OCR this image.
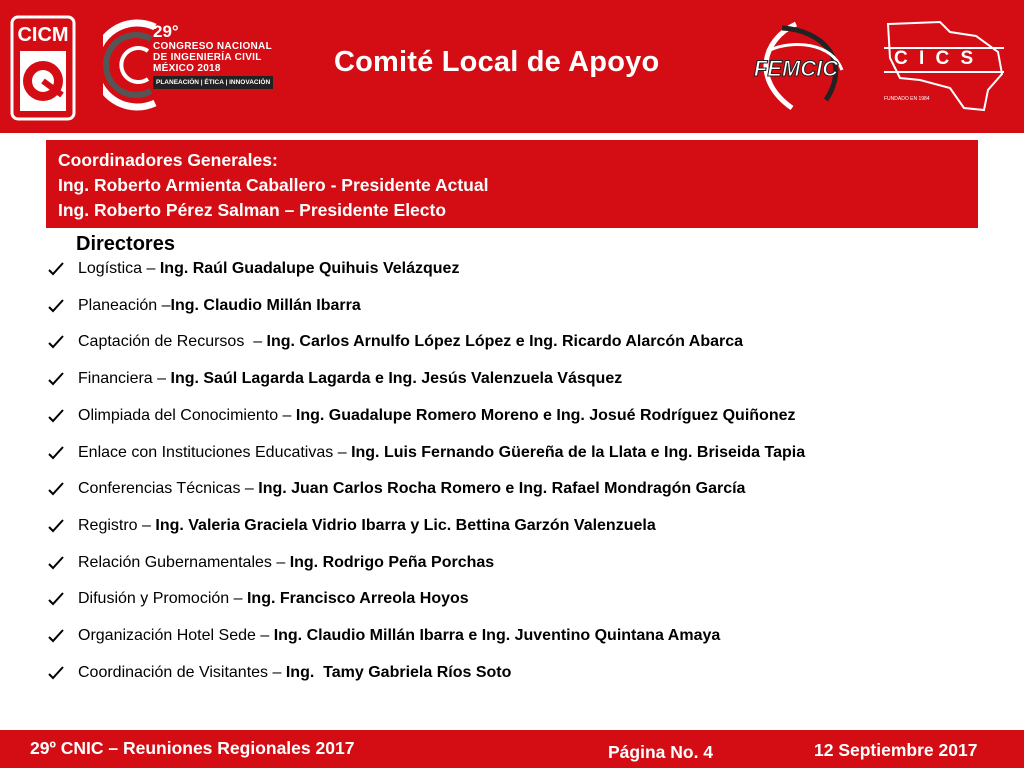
CICM	29°
CONGRESO NACIONAL
DE INGENIERÍA CIVIL
MÉXICO 2018
PLANEACIÓN | ÉTICA | INNOVACIÓN
Comité Local de Apoyo	FEMCIC	C I C S
FUNDADO EN 1984
Coordinadores Generales:
Ing. Roberto Armienta Caballero - Presidente Actual
Ing. Roberto Pérez Salman – Presidente Electo
Directores
Logística – Ing. Raúl Guadalupe Quihuis Velázquez
Planeación –Ing. Claudio Millán Ibarra
Captación de Recursos  – Ing. Carlos Arnulfo López López e Ing. Ricardo Alarcón Abarca
Financiera – Ing. Saúl Lagarda Lagarda e Ing. Jesús Valenzuela Vásquez
Olimpiada del Conocimiento – Ing. Guadalupe Romero Moreno e Ing. Josué Rodríguez Quiñonez
Enlace con Instituciones Educativas – Ing. Luis Fernando Güereña de la Llata e Ing. Briseida Tapia
Conferencias Técnicas – Ing. Juan Carlos Rocha Romero e Ing. Rafael Mondragón García
Registro – Ing. Valeria Graciela Vidrio Ibarra y Lic. Bettina Garzón Valenzuela
Relación Gubernamentales – Ing. Rodrigo Peña Porchas
Difusión y Promoción – Ing. Francisco Arreola Hoyos
Organización Hotel Sede – Ing. Claudio Millán Ibarra e Ing. Juventino Quintana Amaya
Coordinación de Visitantes – Ing.  Tamy Gabriela Ríos Soto
29º CNIC – Reuniones Regionales 2017	Página No. 4	12 Septiembre 2017
